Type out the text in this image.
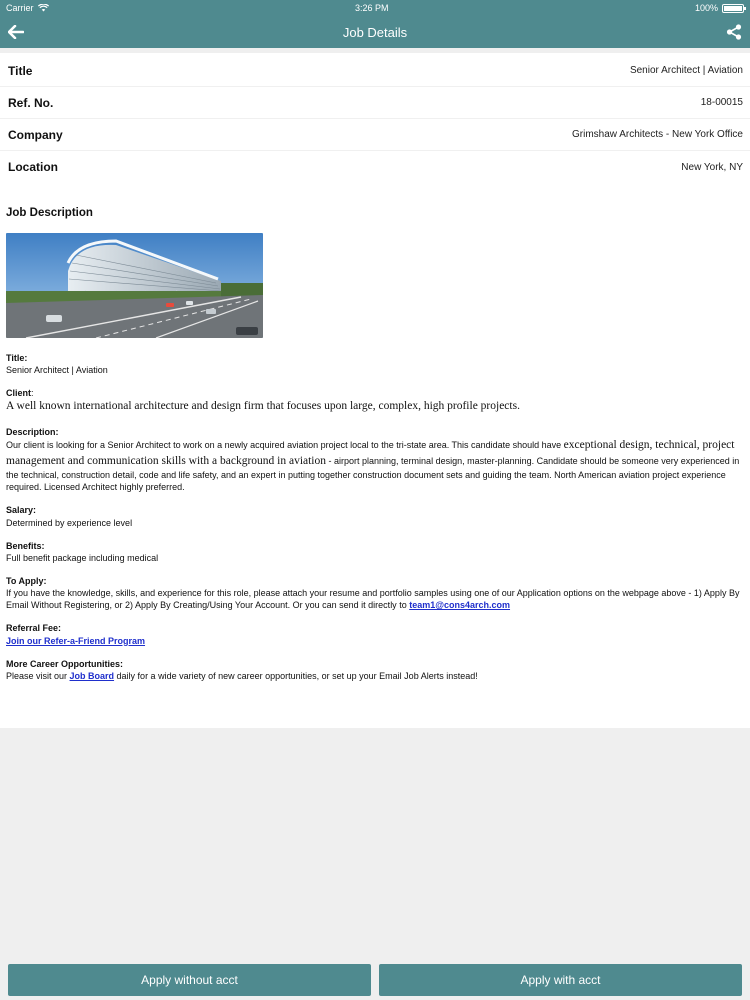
Carrier	3:26 PM	100%
Job Details
Title	Senior Architect | Aviation
Ref. No.	18-00015
Company	Grimshaw Architects - New York Office
Location	New York, NY
Job Description
Title:
Senior Architect | Aviation
Client:
A well known international architecture and design firm that focuses upon large, complex, high profile projects.
Description:
Our client is looking for a Senior Architect to work on a newly acquired aviation project local to the tri-state area. This candidate should have exceptional design, technical, project management and communication skills with a background in aviation - airport planning, terminal design, master-planning. Candidate should be someone very experienced in the technical, construction detail, code and life safety, and an expert in putting together construction document sets and guiding the team. North American aviation project experience required. Licensed Architect highly preferred.
Salary:
Determined by experience level
Benefits:
Full benefit package including medical
To Apply:
If you have the knowledge, skills, and experience for this role, please attach your resume and portfolio samples using one of our Application options on the webpage above - 1) Apply By Email Without Registering, or 2) Apply By Creating/Using Your Account. Or you can send it directly to team1@cons4arch.com
Referral Fee:
Join our Refer-a-Friend Program
More Career Opportunities:
Please visit our Job Board daily for a wide variety of new career opportunities, or set up your Email Job Alerts instead!
Apply without acct	Apply with acct
